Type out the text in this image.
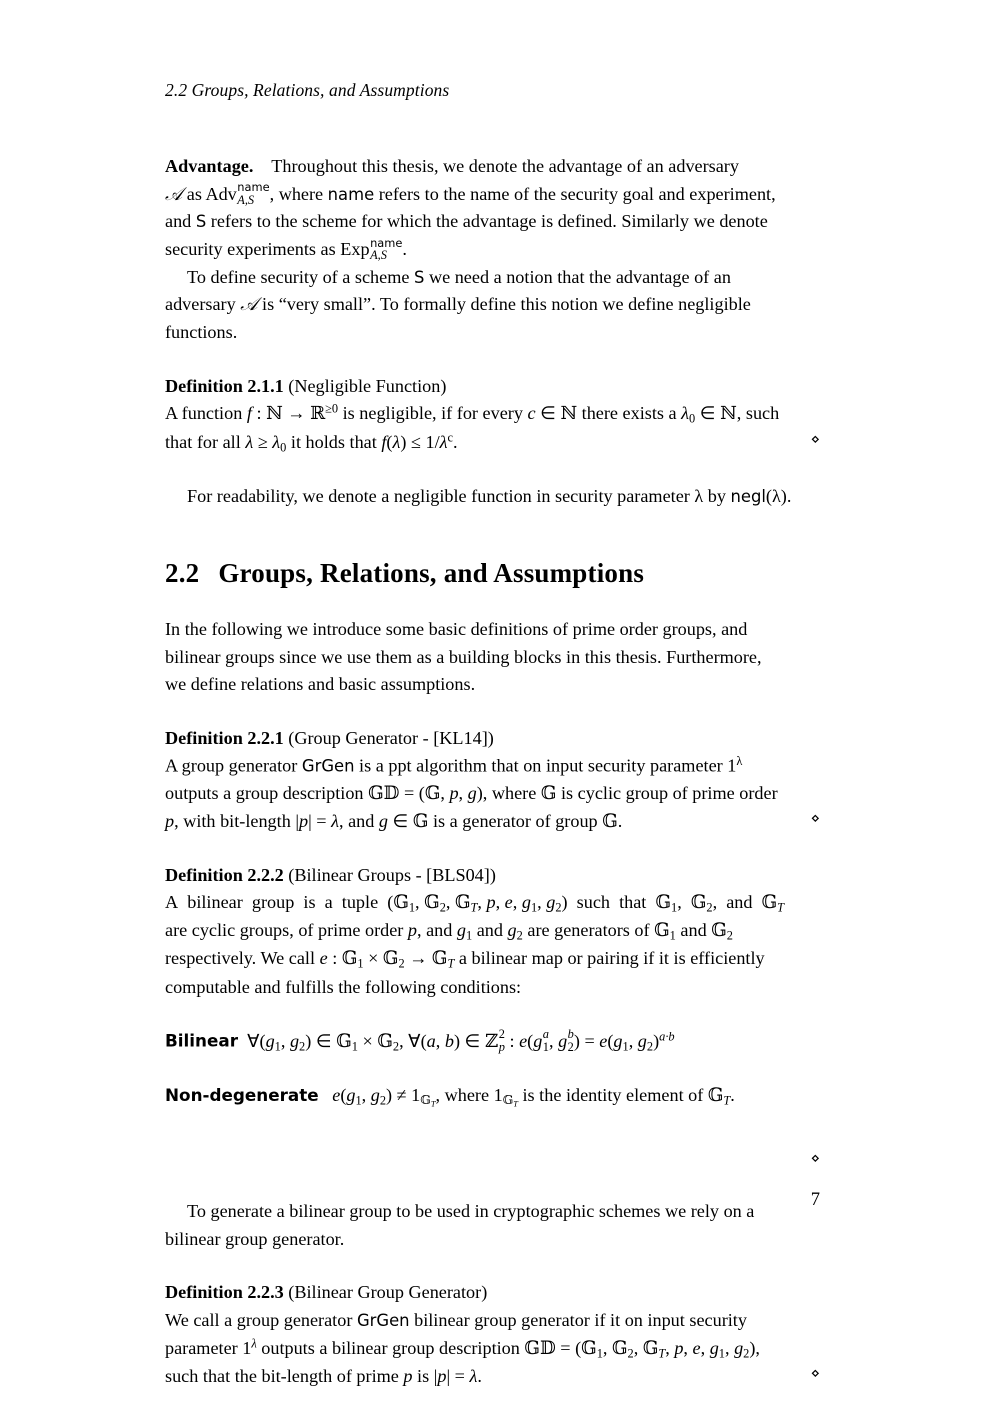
2.2 Groups, Relations, and Assumptions

Advantage. Throughout this thesis, we denote the advantage of an adversary
𝒜 as Adv name
A,S , where name refers to the name of the security goal and experiment,
and S refers to the scheme for which the advantage is defined. Similarly we denote
security experiments as Exp name
A,S .

To define security of a scheme S we need a notion that the advantage of an
adversary 𝒜 is “very small”. To formally define this notion we define negligible
functions.

Definition 2.1.1 (Negligible Function)

A function f : ℕ → ℝ$^{\ge 0}$ is negligible, if for every c ∈ ℕ there exists a $\lambda_0$ ∈ ℕ, such
that for all $\lambda \ge \lambda_0$ it holds that $f(\lambda) \le 1/\lambda^c$.	⋄

For readability, we denote a negligible function in security parameter λ by negl(λ).

2.2 Groups, Relations, and Assumptions

In the following we introduce some basic definitions of prime order groups, and
bilinear groups since we use them as a building blocks in this thesis. Furthermore,
we define relations and basic assumptions.

Definition 2.2.1 (Group Generator - [KL14])

A group generator GrGen is a ppt algorithm that on input security parameter $1^\lambda$
outputs a group description 𝔾𝔻 = (𝔾, p, g), where 𝔾 is cyclic group of prime order
p, with bit-length |p| = λ, and g ∈ 𝔾 is a generator of group 𝔾.	⋄

Definition 2.2.2 (Bilinear Groups - [BLS04])

A  bilinear  group  is  a  tuple  (𝔾$_1$, 𝔾$_2$, 𝔾$_T$, p, e, $g_1$, $g_2$)  such  that  𝔾$_1$,  𝔾$_2$,  and  𝔾$_T$
are cyclic groups, of prime order p, and $g_1$ and $g_2$ are generators of 𝔾$_1$ and 𝔾$_2$
respectively. We call e : 𝔾$_1$ × 𝔾$_2$ → 𝔾$_T$ a bilinear map or pairing if it is efficiently
computable and fulfills the following conditions:

Bilinear $\forall(g_1$, $g_2$) ∈ 𝔾$_1$ × 𝔾$_2$, ∀(a, b) ∈ ℤ 2
p : e(g a
1 , g b
2 ) = $e(g_1$, $g_2)^{a\cdot b}$
Non-degenerate $e(g_1$, $g_2) \ne 1_{𝔾_T}$, where $1_{𝔾_T}$ is the identity element of 𝔾$_T$.
⋄

To generate a bilinear group to be used in cryptographic schemes we rely on a
bilinear group generator.

Definition 2.2.3 (Bilinear Group Generator)

We call a group generator GrGen bilinear group generator if it on input security
parameter $1^\lambda$ outputs a bilinear group description 𝔾𝔻 = (𝔾$_1$, 𝔾$_2$, 𝔾$_T$, p, e, $g_1$, $g_2$),
such that the bit-length of prime p is |p| = λ.	⋄

7
